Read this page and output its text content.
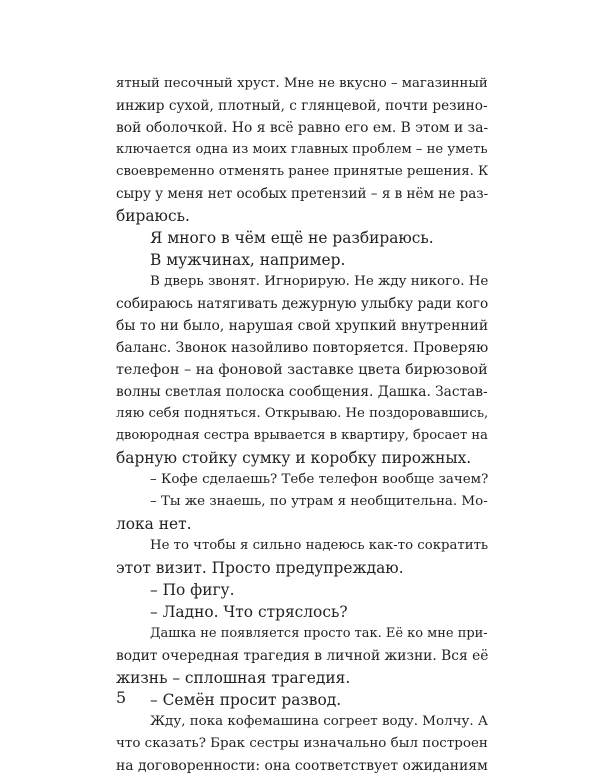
ятный песочный хруст. Мне не вкусно – магазинный
инжир сухой, плотный, с глянцевой, почти резино-
вой оболочкой. Но я всё равно его ем. В этом и за-
ключается одна из моих главных проблем – не уметь
своевременно отменять ранее принятые решения. К
сыру у меня нет особых претензий – я в нём не раз-
бираюсь.
Я много в чём ещё не разбираюсь.
В мужчинах, например.
В дверь звонят. Игнорирую. Не жду никого. Не
собираюсь натягивать дежурную улыбку ради кого
бы то ни было, нарушая свой хрупкий внутренний
баланс. Звонок назойливо повторяется. Проверяю
телефон – на фоновой заставке цвета бирюзовой
волны светлая полоска сообщения. Дашка. Застав-
ляю себя подняться. Открываю. Не поздоровавшись,
двоюродная сестра врывается в квартиру, бросает на
барную стойку сумку и коробку пирожных.
– Кофе сделаешь? Тебе телефон вообще зачем?
– Ты же знаешь, по утрам я необщительна. Мо-
лока нет.
Не то чтобы я сильно надеюсь как-то сократить
этот визит. Просто предупреждаю.
– По фигу.
– Ладно. Что стряслось?
Дашка не появляется просто так. Её ко мне при-
водит очередная трагедия в личной жизни. Вся её
жизнь – сплошная трагедия.
– Семён просит развод.
Жду, пока кофемашина согреет воду. Молчу. А
что сказать? Брак сестры изначально был построен
на договоренности: она соответствует ожиданиям
5
